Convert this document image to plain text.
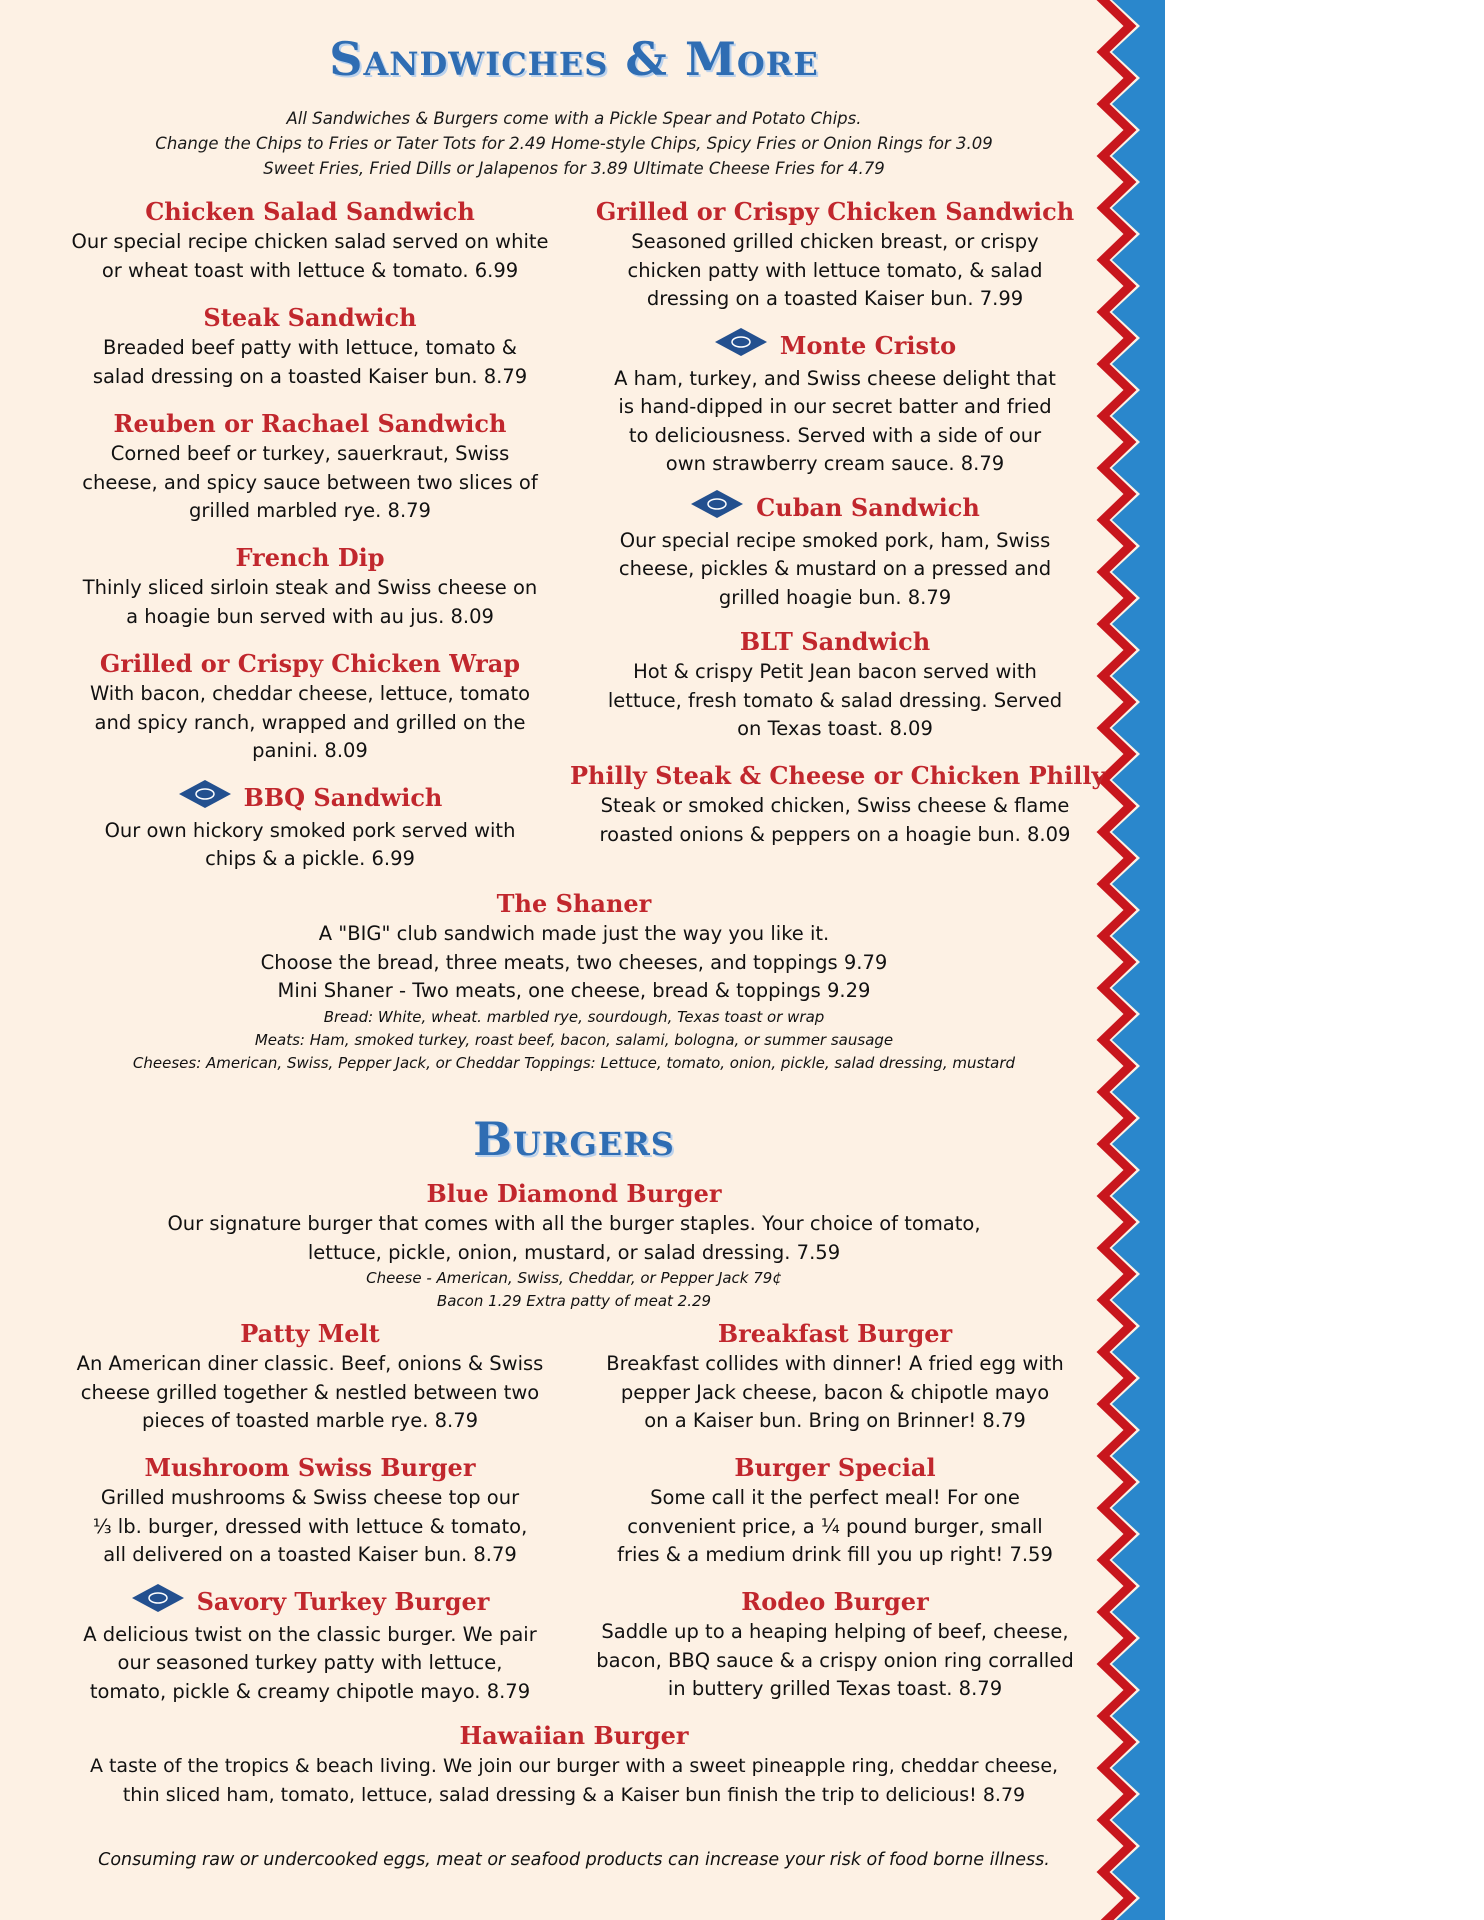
Sandwiches & More
All Sandwiches & Burgers come with a Pickle Spear and Potato Chips.
Change the Chips to Fries or Tater Tots for 2.49 Home-style Chips, Spicy Fries or Onion Rings for 3.09
Sweet Fries, Fried Dills or Jalapenos for 3.89 Ultimate Cheese Fries for 4.79
Chicken Salad Sandwich
Our special recipe chicken salad served on white
or wheat toast with lettuce & tomato. 6.99
Steak Sandwich
Breaded beef patty with lettuce, tomato &
salad dressing on a toasted Kaiser bun. 8.79
Reuben or Rachael Sandwich
Corned beef or turkey, sauerkraut, Swiss
cheese, and spicy sauce between two slices of
grilled marbled rye. 8.79
French Dip
Thinly sliced sirloin steak and Swiss cheese on
a hoagie bun served with au jus. 8.09
Grilled or Crispy Chicken Wrap
With bacon, cheddar cheese, lettuce, tomato
and spicy ranch, wrapped and grilled on the
panini. 8.09
BBQ Sandwich
Our own hickory smoked pork served with
chips & a pickle. 6.99
Grilled or Crispy Chicken Sandwich
Seasoned grilled chicken breast, or crispy
chicken patty with lettuce tomato, & salad
dressing on a toasted Kaiser bun. 7.99
Monte Cristo
A ham, turkey, and Swiss cheese delight that
is hand-dipped in our secret batter and fried
to deliciousness. Served with a side of our
own strawberry cream sauce. 8.79
Cuban Sandwich
Our special recipe smoked pork, ham, Swiss
cheese, pickles & mustard on a pressed and
grilled hoagie bun. 8.79
BLT Sandwich
Hot & crispy Petit Jean bacon served with
lettuce, fresh tomato & salad dressing. Served
on Texas toast. 8.09
Philly Steak & Cheese or Chicken Philly
Steak or smoked chicken, Swiss cheese & flame
roasted onions & peppers on a hoagie bun. 8.09
The Shaner
A "BIG" club sandwich made just the way you like it.
Choose the bread, three meats, two cheeses, and toppings 9.79
Mini Shaner - Two meats, one cheese, bread & toppings 9.29
Bread: White, wheat. marbled rye, sourdough, Texas toast or wrap
Meats: Ham, smoked turkey, roast beef, bacon, salami, bologna, or summer sausage
Cheeses: American, Swiss, Pepper Jack, or Cheddar Toppings: Lettuce, tomato, onion, pickle, salad dressing, mustard
Burgers
Blue Diamond Burger
Our signature burger that comes with all the burger staples. Your choice of tomato,
lettuce, pickle, onion, mustard, or salad dressing. 7.59
Cheese - American, Swiss, Cheddar, or Pepper Jack 79¢
Bacon 1.29 Extra patty of meat 2.29
Patty Melt
An American diner classic. Beef, onions & Swiss
cheese grilled together & nestled between two
pieces of toasted marble rye. 8.79
Mushroom Swiss Burger
Grilled mushrooms & Swiss cheese top our
⅓ lb. burger, dressed with lettuce & tomato,
all delivered on a toasted Kaiser bun. 8.79
Savory Turkey Burger
A delicious twist on the classic burger. We pair
our seasoned turkey patty with lettuce,
tomato, pickle & creamy chipotle mayo. 8.79
Breakfast Burger
Breakfast collides with dinner! A fried egg with
pepper Jack cheese, bacon & chipotle mayo
on a Kaiser bun. Bring on Brinner! 8.79
Burger Special
Some call it the perfect meal! For one
convenient price, a ¼ pound burger, small
fries & a medium drink fill you up right! 7.59
Rodeo Burger
Saddle up to a heaping helping of beef, cheese,
bacon, BBQ sauce & a crispy onion ring corralled
in buttery grilled Texas toast. 8.79
Hawaiian Burger
A taste of the tropics & beach living. We join our burger with a sweet pineapple ring, cheddar cheese,
thin sliced ham, tomato, lettuce, salad dressing & a Kaiser bun finish the trip to delicious! 8.79
Consuming raw or undercooked eggs, meat or seafood products can increase your risk of food borne illness.
